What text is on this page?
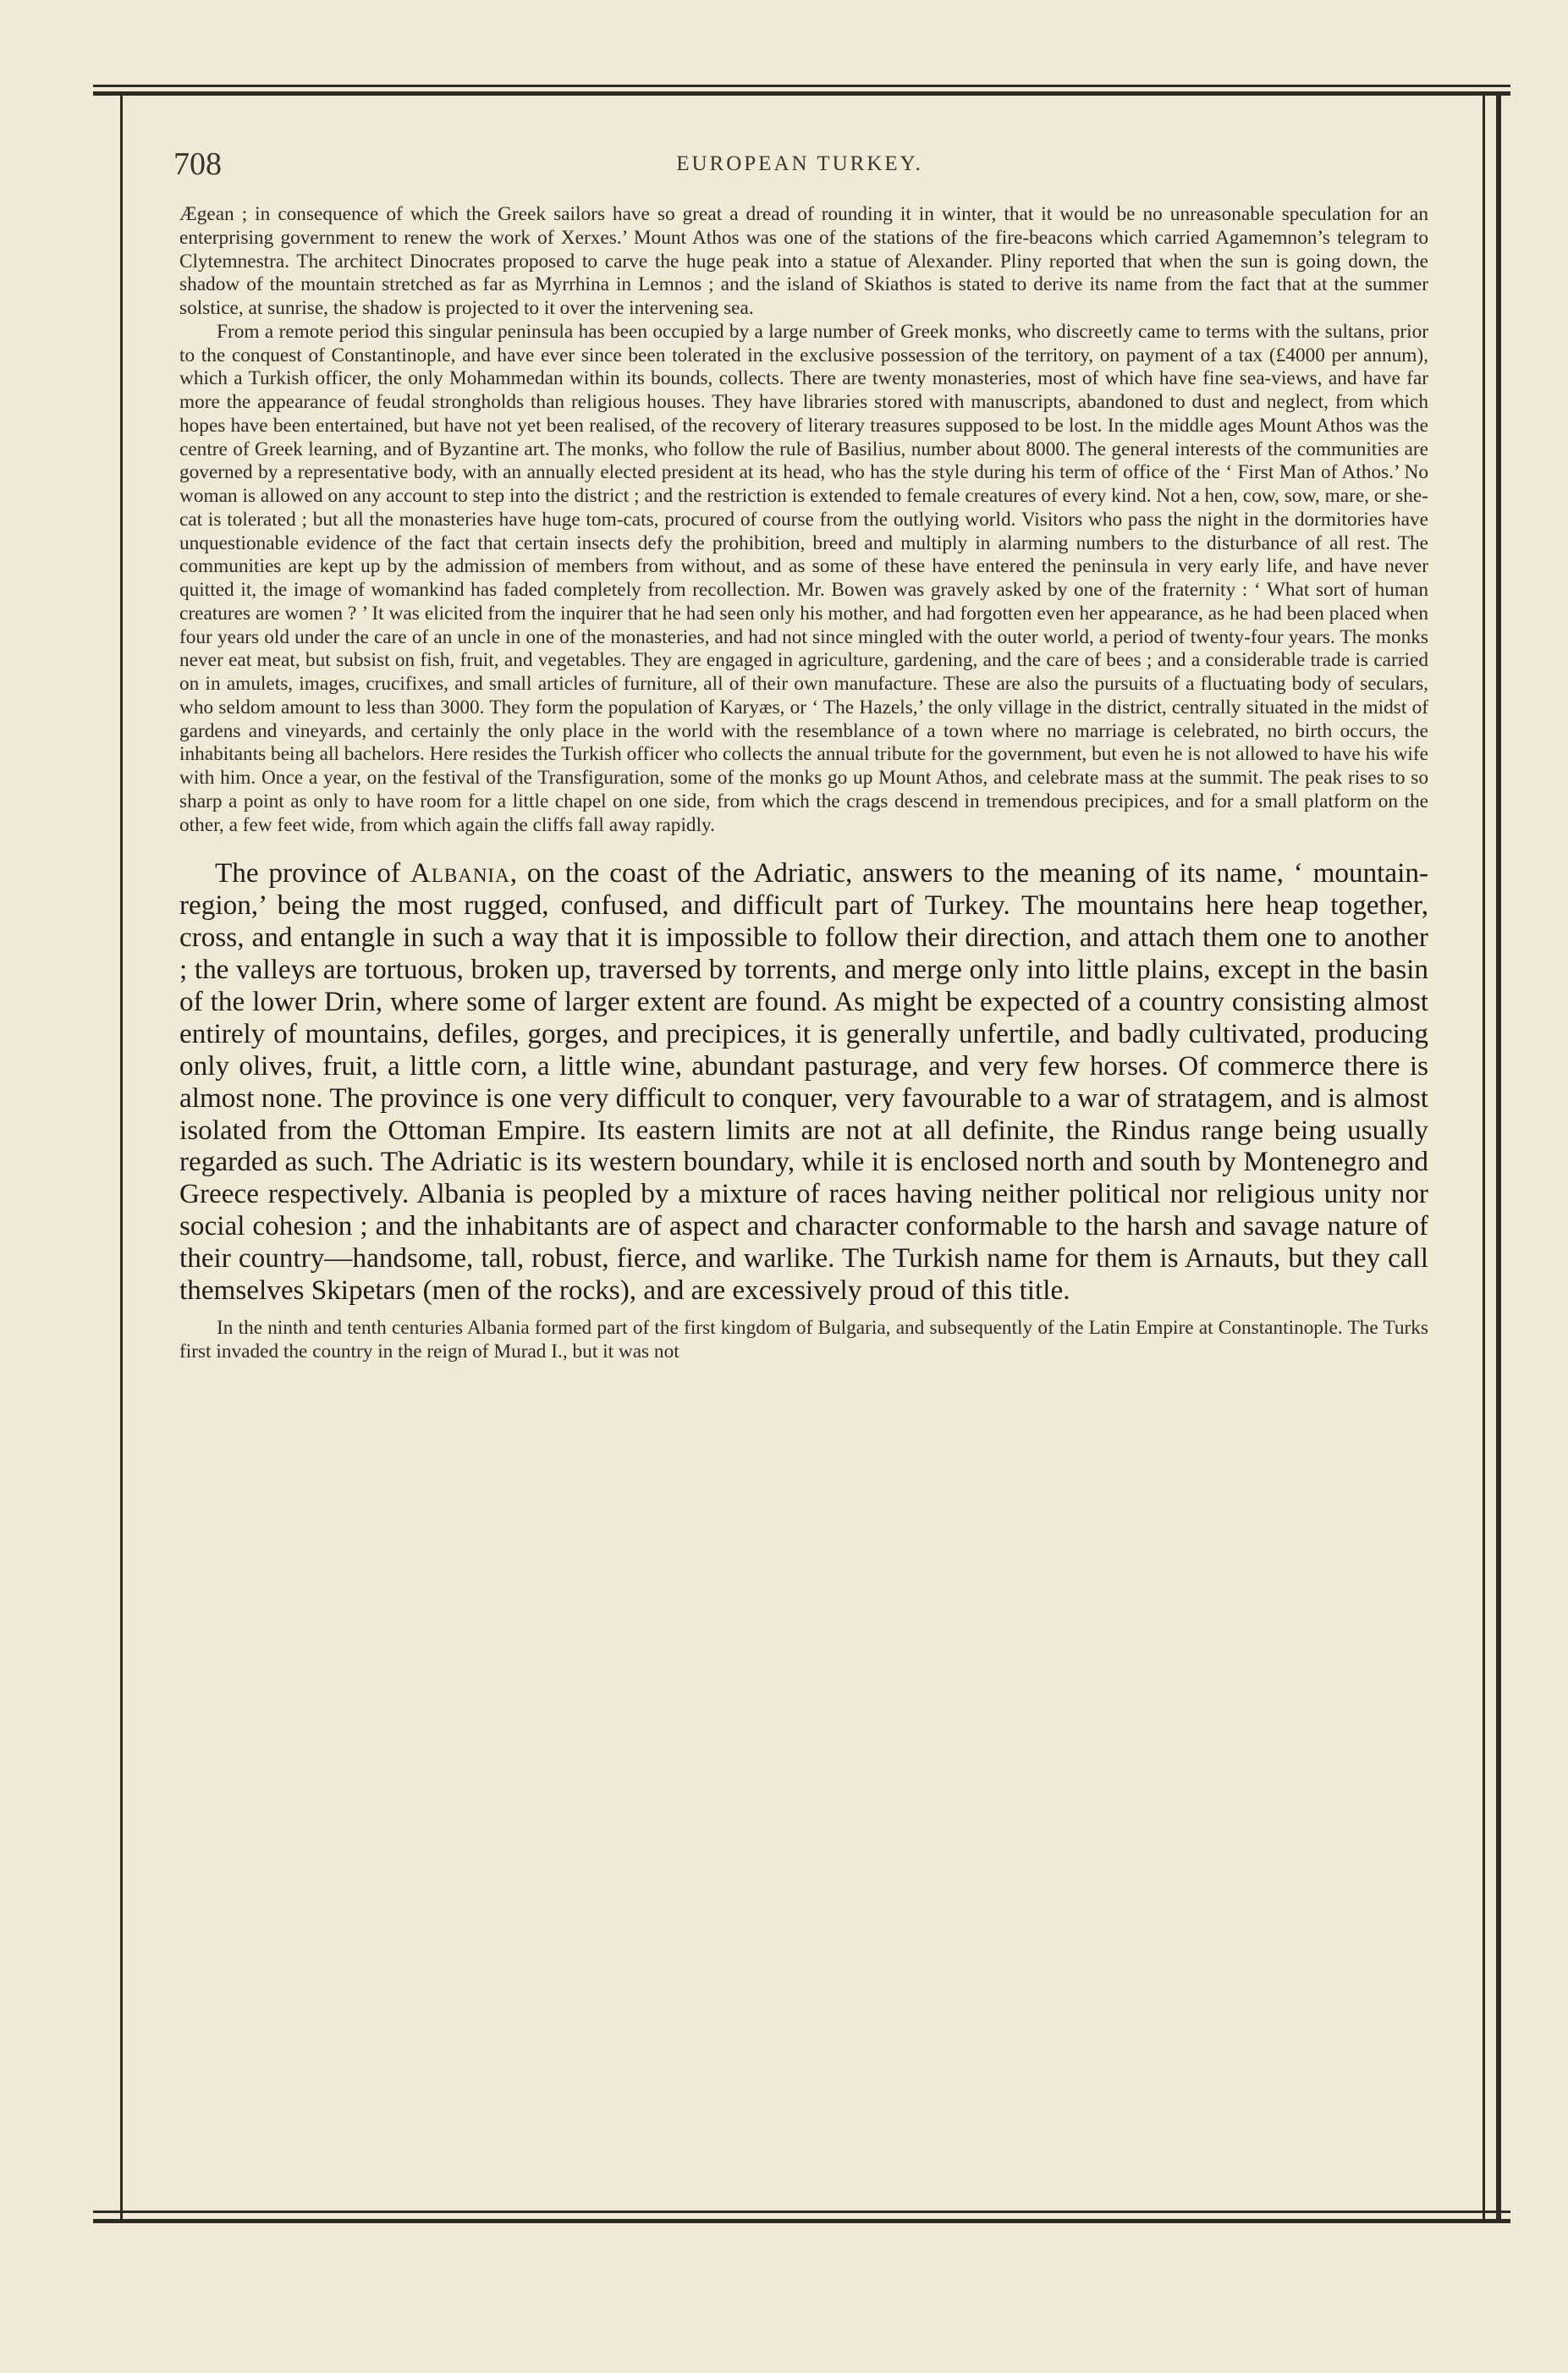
708	EUROPEAN TURKEY.

Ægean ; in consequence of which the Greek sailors have so great a dread of rounding it in winter, that it would be no unreasonable speculation for an enterprising government to renew the work of Xerxes.’ Mount Athos was one of the stations of the fire-beacons which carried Agamemnon’s telegram to Clytemnestra. The architect Dinocrates proposed to carve the huge peak into a statue of Alexander. Pliny reported that when the sun is going down, the shadow of the mountain stretched as far as Myrrhina in Lemnos ; and the island of Skiathos is stated to derive its name from the fact that at the summer solstice, at sunrise, the shadow is projected to it over the intervening sea.

From a remote period this singular peninsula has been occupied by a large number of Greek monks, who discreetly came to terms with the sultans, prior to the conquest of Constantinople, and have ever since been tolerated in the exclusive possession of the territory, on payment of a tax (£4000 per annum), which a Turkish officer, the only Mohammedan within its bounds, collects. There are twenty monasteries, most of which have fine sea-views, and have far more the appearance of feudal strongholds than religious houses. They have libraries stored with manuscripts, abandoned to dust and neglect, from which hopes have been entertained, but have not yet been realised, of the recovery of literary treasures supposed to be lost. In the middle ages Mount Athos was the centre of Greek learning, and of Byzantine art. The monks, who follow the rule of Basilius, number about 8000. The general interests of the communities are governed by a representative body, with an annually elected president at its head, who has the style during his term of office of the ‘ First Man of Athos.’ No woman is allowed on any account to step into the district ; and the restriction is extended to female creatures of every kind. Not a hen, cow, sow, mare, or she-cat is tolerated ; but all the monasteries have huge tom-cats, procured of course from the outlying world. Visitors who pass the night in the dormitories have unquestionable evidence of the fact that certain insects defy the prohibition, breed and multiply in alarming numbers to the disturbance of all rest. The communities are kept up by the admission of members from without, and as some of these have entered the peninsula in very early life, and have never quitted it, the image of womankind has faded completely from recollection. Mr. Bowen was gravely asked by one of the fraternity : ‘ What sort of human creatures are women ? ’ It was elicited from the inquirer that he had seen only his mother, and had forgotten even her appearance, as he had been placed when four years old under the care of an uncle in one of the monasteries, and had not since mingled with the outer world, a period of twenty-four years. The monks never eat meat, but subsist on fish, fruit, and vegetables. They are engaged in agriculture, gardening, and the care of bees ; and a considerable trade is carried on in amulets, images, crucifixes, and small articles of furniture, all of their own manufacture. These are also the pursuits of a fluctuating body of seculars, who seldom amount to less than 3000. They form the population of Karyæs, or ‘ The Hazels,’ the only village in the district, centrally situated in the midst of gardens and vineyards, and certainly the only place in the world with the resemblance of a town where no marriage is celebrated, no birth occurs, the inhabitants being all bachelors. Here resides the Turkish officer who collects the annual tribute for the government, but even he is not allowed to have his wife with him. Once a year, on the festival of the Transfiguration, some of the monks go up Mount Athos, and celebrate mass at the summit. The peak rises to so sharp a point as only to have room for a little chapel on one side, from which the crags descend in tremendous precipices, and for a small platform on the other, a few feet wide, from which again the cliffs fall away rapidly.

The province of Albania, on the coast of the Adriatic, answers to the meaning of its name, ‘ mountain-region,’ being the most rugged, confused, and difficult part of Turkey. The mountains here heap together, cross, and entangle in such a way that it is impossible to follow their direction, and attach them one to another ; the valleys are tortuous, broken up, traversed by torrents, and merge only into little plains, except in the basin of the lower Drin, where some of larger extent are found. As might be expected of a country consisting almost entirely of mountains, defiles, gorges, and precipices, it is generally unfertile, and badly cultivated, producing only olives, fruit, a little corn, a little wine, abundant pasturage, and very few horses. Of commerce there is almost none. The province is one very difficult to conquer, very favourable to a war of stratagem, and is almost isolated from the Ottoman Empire. Its eastern limits are not at all definite, the Rindus range being usually regarded as such. The Adriatic is its western boundary, while it is enclosed north and south by Montenegro and Greece respectively. Albania is peopled by a mixture of races having neither political nor religious unity nor social cohesion ; and the inhabitants are of aspect and character conformable to the harsh and savage nature of their country—handsome, tall, robust, fierce, and warlike. The Turkish name for them is Arnauts, but they call themselves Skipetars (men of the rocks), and are excessively proud of this title.

In the ninth and tenth centuries Albania formed part of the first kingdom of Bulgaria, and subsequently of the Latin Empire at Constantinople. The Turks first invaded the country in the reign of Murad I., but it was not
